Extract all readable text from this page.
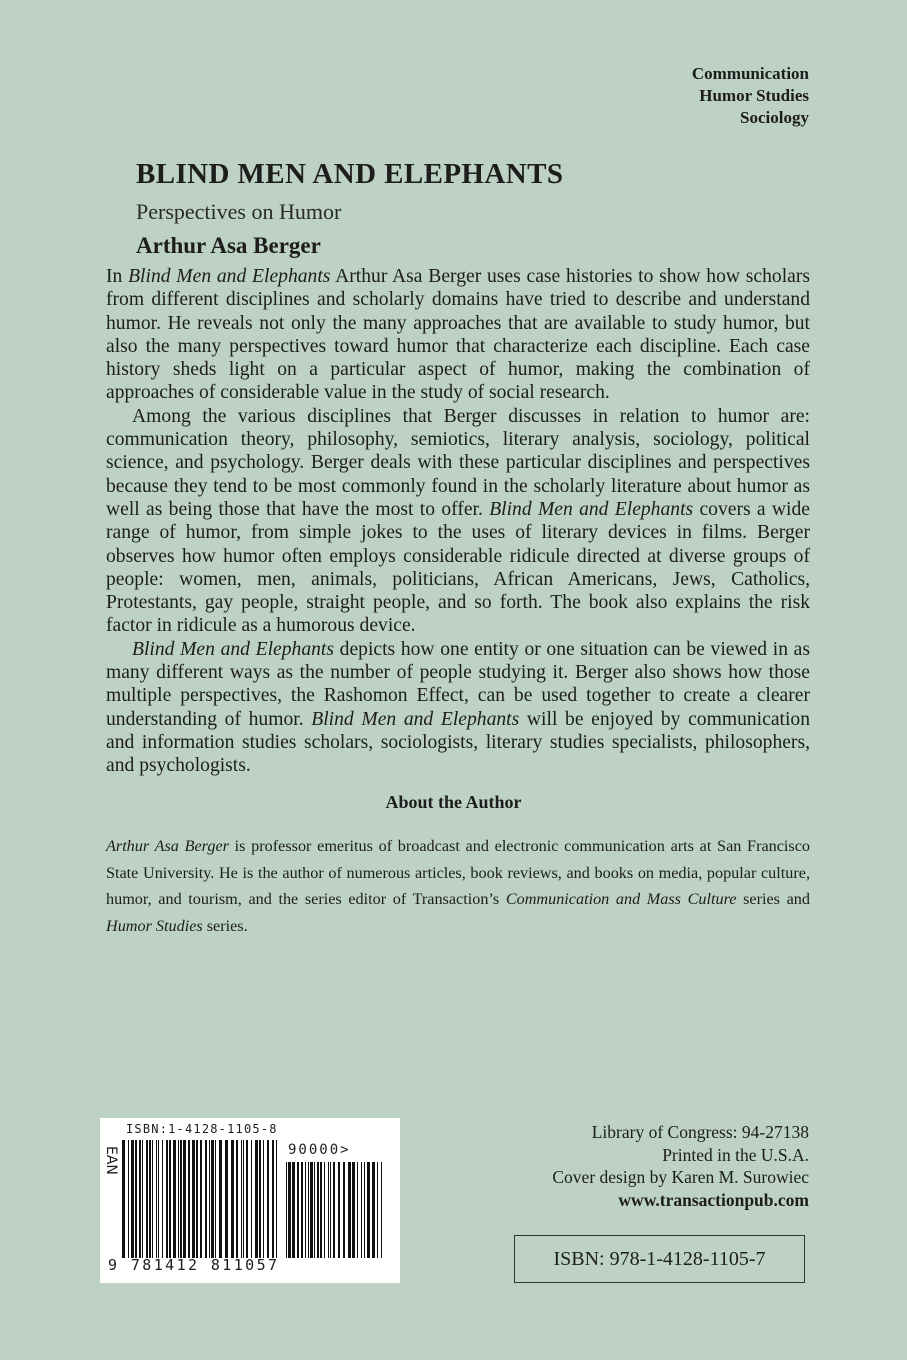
Communication
Humor Studies
Sociology
BLIND MEN AND ELEPHANTS
Perspectives on Humor
Arthur Asa Berger

In Blind Men and Elephants Arthur Asa Berger uses case histories to show how scholars from different disciplines and scholarly domains have tried to describe and understand humor. He reveals not only the many approaches that are available to study humor, but also the many perspectives toward humor that characterize each discipline. Each case history sheds light on a particular aspect of humor, making the combination of approaches of considerable value in the study of social research.

Among the various disciplines that Berger discusses in relation to humor are: communication theory, philosophy, semiotics, literary analysis, sociology, political science, and psychology. Berger deals with these particular disciplines and perspectives because they tend to be most commonly found in the scholarly literature about humor as well as being those that have the most to offer. Blind Men and Elephants covers a wide range of humor, from simple jokes to the uses of literary devices in films. Berger observes how humor often employs considerable ridicule directed at diverse groups of people: women, men, animals, politicians, African Americans, Jews, Catholics, Protestants, gay people, straight people, and so forth. The book also explains the risk factor in ridicule as a humorous device.

Blind Men and Elephants depicts how one entity or one situation can be viewed in as many different ways as the number of people studying it. Berger also shows how those multiple perspectives, the Rashomon Effect, can be used together to create a clearer understanding of humor. Blind Men and Elephants will be enjoyed by communication and information studies scholars, sociologists, literary studies specialists, philosophers, and psychologists.

About the Author

Arthur Asa Berger is professor emeritus of broadcast and electronic communication arts at San Francisco State University. He is the author of numerous articles, book reviews, and books on media, popular culture, humor, and tourism, and the series editor of Transaction’s Communication and Mass Culture series and Humor Studies series.

ISBN:1-4128-1105-8
EAN	90000>
9 781412 811057
Library of Congress: 94-27138
Printed in the U.S.A.
Cover design by Karen M. Surowiec
www.transactionpub.com
ISBN: 978-1-4128-1105-7
